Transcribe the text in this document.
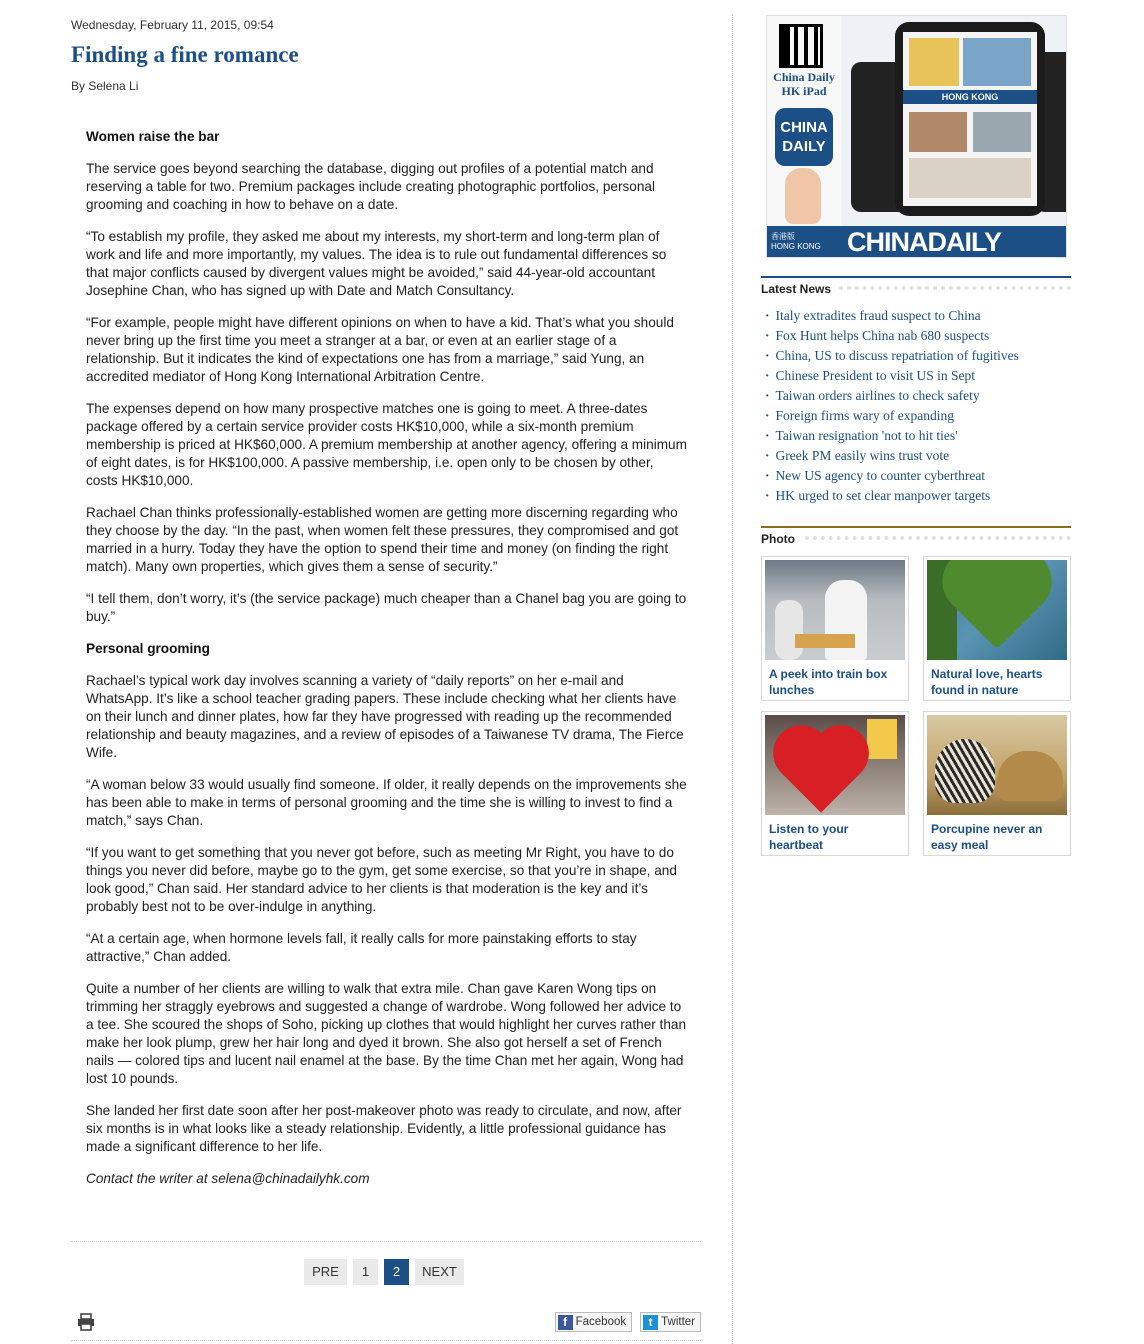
Wednesday, February 11, 2015, 09:54
Finding a fine romance
By Selena Li
Women raise the bar

The service goes beyond searching the database, digging out profiles of a potential match and reserving a table for two. Premium packages include creating photographic portfolios, personal grooming and coaching in how to behave on a date.

“To establish my profile, they asked me about my interests, my short-term and long-term plan of work and life and more importantly, my values. The idea is to rule out fundamental differences so that major conflicts caused by divergent values might be avoided,” said 44-year-old accountant Josephine Chan, who has signed up with Date and Match Consultancy.

“For example, people might have different opinions on when to have a kid. That’s what you should never bring up the first time you meet a stranger at a bar, or even at an earlier stage of a relationship. But it indicates the kind of expectations one has from a marriage,” said Yung, an accredited mediator of Hong Kong International Arbitration Centre.

The expenses depend on how many prospective matches one is going to meet. A three-dates package offered by a certain service provider costs HK$10,000, while a six-month premium membership is priced at HK$60,000. A premium membership at another agency, offering a minimum of eight dates, is for HK$100,000. A passive membership, i.e. open only to be chosen by other, costs HK$10,000.

Rachael Chan thinks professionally-established women are getting more discerning regarding who they choose by the day. “In the past, when women felt these pressures, they compromised and got married in a hurry. Today they have the option to spend their time and money (on finding the right match). Many own properties, which gives them a sense of security.”

“I tell them, don’t worry, it’s (the service package) much cheaper than a Chanel bag you are going to buy.”

Personal grooming

Rachael’s typical work day involves scanning a variety of “daily reports” on her e-mail and WhatsApp. It’s like a school teacher grading papers. These include checking what her clients have on their lunch and dinner plates, how far they have progressed with reading up the recommended relationship and beauty magazines, and a review of episodes of a Taiwanese TV drama, The Fierce Wife.

“A woman below 33 would usually find someone. If older, it really depends on the improvements she has been able to make in terms of personal grooming and the time she is willing to invest to find a match,” says Chan.

“If you want to get something that you never got before, such as meeting Mr Right, you have to do things you never did before, maybe go to the gym, get some exercise, so that you’re in shape, and look good,” Chan said. Her standard advice to her clients is that moderation is the key and it’s probably best not to be over-indulge in anything.

“At a certain age, when hormone levels fall, it really calls for more painstaking efforts to stay attractive,” Chan added.

Quite a number of her clients are willing to walk that extra mile. Chan gave Karen Wong tips on trimming her straggly eyebrows and suggested a change of wardrobe. Wong followed her advice to a tee. She scoured the shops of Soho, picking up clothes that would highlight her curves rather than make her look plump, grew her hair long and dyed it brown. She also got herself a set of French nails — colored tips and lucent nail enamel at the base. By the time Chan met her again, Wong had lost 10 pounds.

She landed her first date soon after her post-makeover photo was ready to circulate, and now, after six months is in what looks like a steady relationship. Evidently, a little professional guidance has made a significant difference to her life.

Contact the writer at selena@chinadailyhk.com

PRE	1	2	NEXT
f Facebook	t Twitter
China Daily
HK iPad
CHINA
DAILY
HONG KONG
香港版
HONG KONG CHINADAILY
Latest News
· Italy extradites fraud suspect to China
· Fox Hunt helps China nab 680 suspects
· China, US to discuss repatriation of fugitives
· Chinese President to visit US in Sept
· Taiwan orders airlines to check safety
· Foreign firms wary of expanding
· Taiwan resignation 'not to hit ties'
· Greek PM easily wins trust vote
· New US agency to counter cyberthreat
· HK urged to set clear manpower targets
Photo
A peek into train box lunches
Natural love, hearts found in nature
Listen to your heartbeat
Porcupine never an easy meal
